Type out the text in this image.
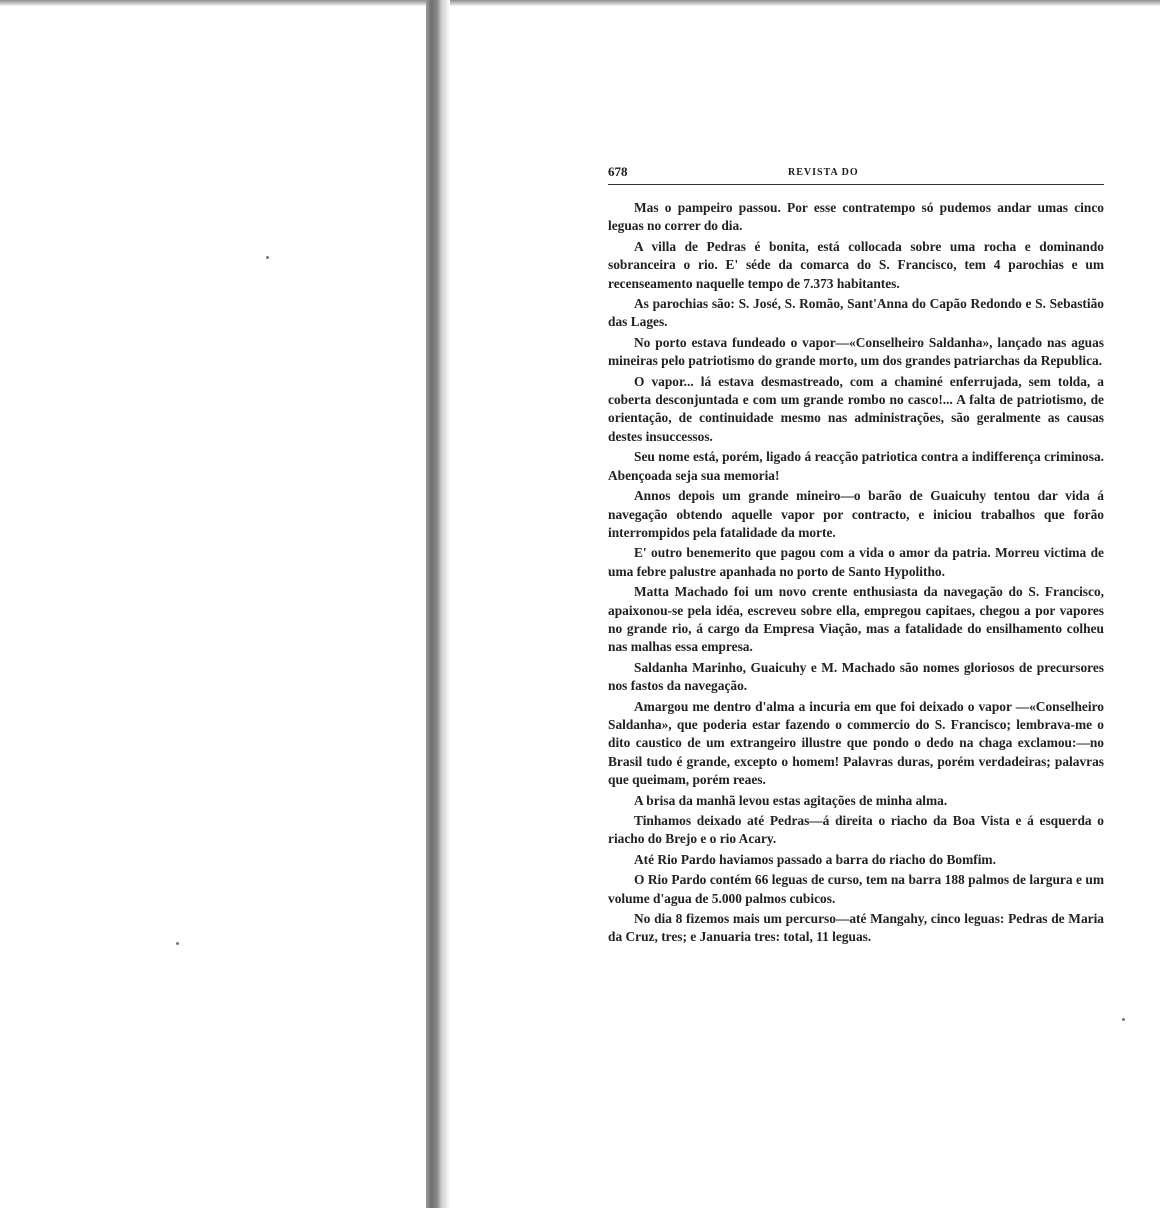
678	REVISTA DO

Mas o pampeiro passou. Por esse contratempo só pudemos andar umas cinco leguas no correr do dia.

A villa de Pedras é bonita, está collocada sobre uma rocha e dominando sobranceira o rio. E' séde da comarca do S. Francisco, tem 4 parochias e um recenseamento naquelle tempo de 7.373 habitantes.

As parochias são: S. José, S. Romão, Sant'Anna do Capão Redondo e S. Sebastião das Lages.

No porto estava fundeado o vapor—«Conselheiro Saldanha», lançado nas aguas mineiras pelo patriotismo do grande morto, um dos grandes patriarchas da Republica.

O vapor... lá estava desmastreado, com a chaminé enferrujada, sem tolda, a coberta desconjuntada e com um grande rombo no casco!... A falta de patriotismo, de orientação, de continuidade mesmo nas administrações, são geralmente as causas destes insuccessos.

Seu nome está, porém, ligado á reacção patriotica contra a indifferença criminosa. Abençoada seja sua memoria!

Annos depois um grande mineiro—o barão de Guaicuhy tentou dar vida á navegação obtendo aquelle vapor por contracto, e iniciou trabalhos que forão interrompidos pela fatalidade da morte.

E' outro benemerito que pagou com a vida o amor da patria. Morreu victima de uma febre palustre apanhada no porto de Santo Hypolitho.

Matta Machado foi um novo crente enthusiasta da navegação do S. Francisco, apaixonou-se pela idéa, escreveu sobre ella, empregou capitaes, chegou a por vapores no grande rio, á cargo da Empresa Viação, mas a fatalidade do ensilhamento colheu nas malhas essa empresa.

Saldanha Marinho, Guaicuhy e M. Machado são nomes gloriosos de precursores nos fastos da navegação.

Amargou me dentro d'alma a incuria em que foi deixado o vapor —«Conselheiro Saldanha», que poderia estar fazendo o commercio do S. Francisco; lembrava-me o dito caustico de um extrangeiro illustre que pondo o dedo na chaga exclamou:—no Brasil tudo é grande, excepto o homem! Palavras duras, porém verdadeiras; palavras que queimam, porém reaes.

A brisa da manhã levou estas agitações de minha alma.

Tinhamos deixado até Pedras—á direita o riacho da Boa Vista e á esquerda o riacho do Brejo e o rio Acary.

Até Rio Pardo haviamos passado a barra do riacho do Bomfim.

O Rio Pardo contém 66 leguas de curso, tem na barra 188 palmos de largura e um volume d'agua de 5.000 palmos cubicos.

No dia 8 fizemos mais um percurso—até Mangahy, cinco leguas: Pedras de Maria da Cruz, tres; e Januaria tres: total, 11 leguas.
